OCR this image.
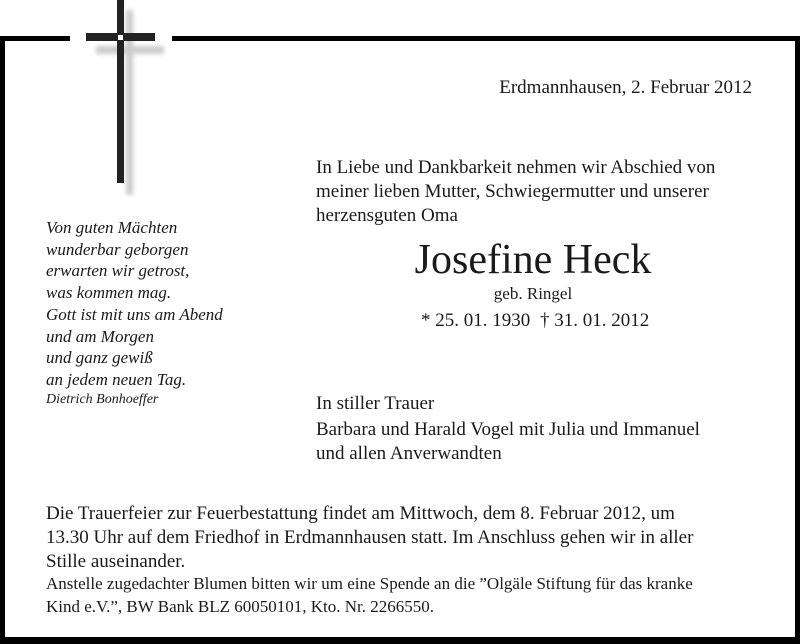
Erdmannhausen, 2. Februar 2012
In Liebe und Dankbarkeit nehmen wir Abschied von
meiner lieben Mutter, Schwiegermutter und unserer
herzensguten Oma
Josefine Heck
geb. Ringel
* 25. 01. 1930 † 31. 01. 2012
Von guten Mächten
wunderbar geborgen
erwarten wir getrost,
was kommen mag.
Gott ist mit uns am Abend
und am Morgen
und ganz gewiß
an jedem neuen Tag.
Dietrich Bonhoeffer	In stiller Trauer
Barbara und Harald Vogel mit Julia und Immanuel
und allen Anverwandten
Die Trauerfeier zur Feuerbestattung findet am Mittwoch, dem 8. Februar 2012, um
13.30 Uhr auf dem Friedhof in Erdmannhausen statt. Im Anschluss gehen wir in aller
Stille auseinander.
Anstelle zugedachter Blumen bitten wir um eine Spende an die ”Olgäle Stiftung für das kranke
Kind e.V.”, BW Bank BLZ 60050101, Kto. Nr. 2266550.
